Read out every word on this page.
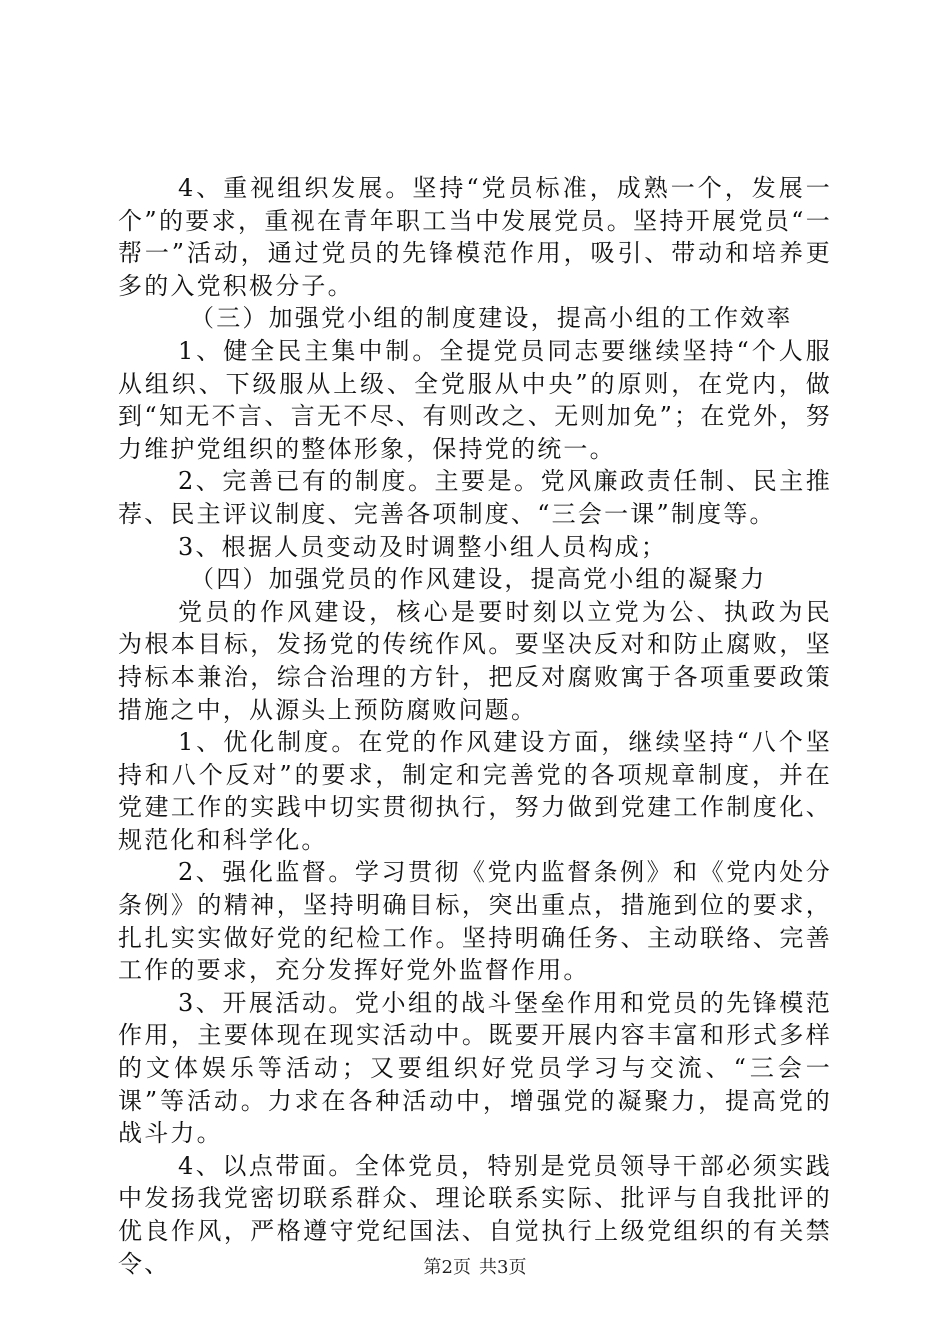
4、重视组织发展。坚持“党员标准，成熟一个，发展一个”的要求，重视在青年职工当中发展党员。坚持开展党员“一帮一”活动，通过党员的先锋模范作用，吸引、带动和培养更多的入党积极分子。

（三）加强党小组的制度建设，提高小组的工作效率

1、健全民主集中制。全提党员同志要继续坚持“个人服从组织、下级服从上级、全党服从中央”的原则，在党内，做到“知无不言、言无不尽、有则改之、无则加免”；在党外，努力维护党组织的整体形象，保持党的统一。

2、完善已有的制度。主要是。党风廉政责任制、民主推荐、民主评议制度、完善各项制度、“三会一课”制度等。

3、根据人员变动及时调整小组人员构成；

（四）加强党员的作风建设，提高党小组的凝聚力

党员的作风建设，核心是要时刻以立党为公、执政为民为根本目标，发扬党的传统作风。要坚决反对和防止腐败，坚持标本兼治，综合治理的方针，把反对腐败寓于各项重要政策措施之中，从源头上预防腐败问题。

1、优化制度。在党的作风建设方面，继续坚持“八个坚持和八个反对”的要求，制定和完善党的各项规章制度，并在党建工作的实践中切实贯彻执行，努力做到党建工作制度化、规范化和科学化。

2、强化监督。学习贯彻《党内监督条例》和《党内处分条例》的精神，坚持明确目标，突出重点，措施到位的要求，扎扎实实做好党的纪检工作。坚持明确任务、主动联络、完善工作的要求，充分发挥好党外监督作用。

3、开展活动。党小组的战斗堡垒作用和党员的先锋模范作用，主要体现在现实活动中。既要开展内容丰富和形式多样的文体娱乐等活动；又要组织好党员学习与交流、“三会一课”等活动。力求在各种活动中，增强党的凝聚力，提高党的战斗力。

4、以点带面。全体党员，特别是党员领导干部必须实践中发扬我党密切联系群众、理论联系实际、批评与自我批评的优良作风，严格遵守党纪国法、自觉执行上级党组织的有关禁令、	第2页 共3页
